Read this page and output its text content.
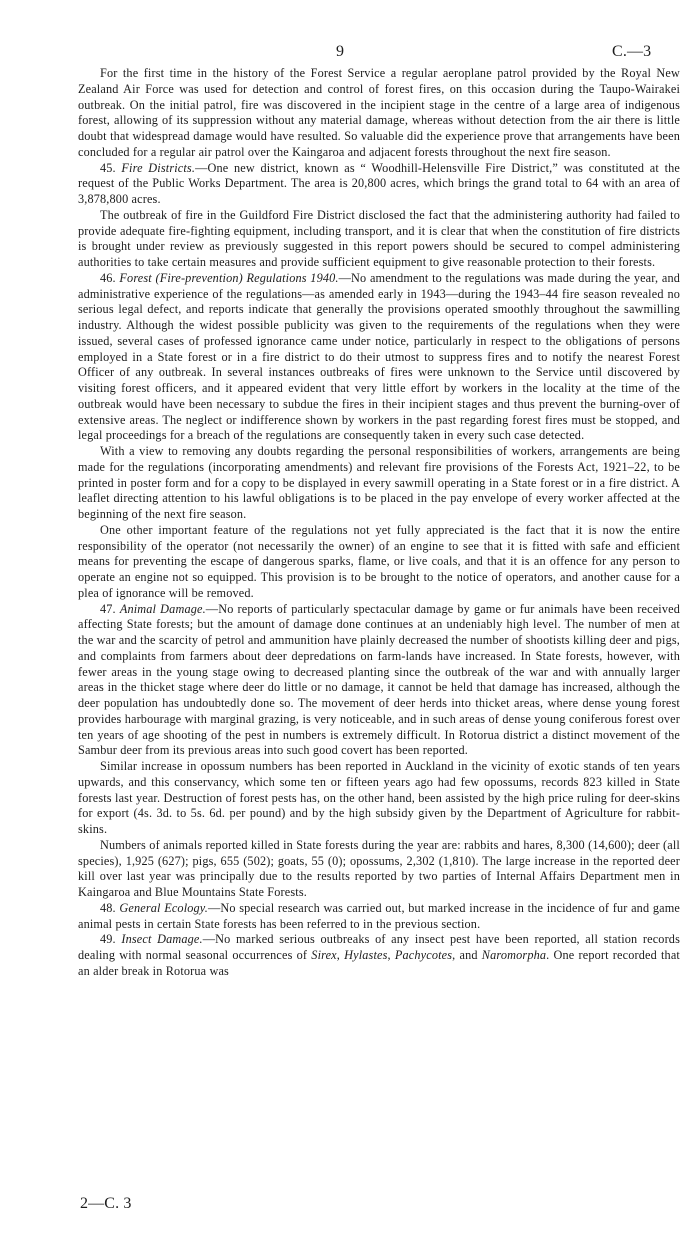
9	C.—3

For the first time in the history of the Forest Service a regular aeroplane patrol provided by the Royal New Zealand Air Force was used for detection and control of forest fires, on this occasion during the Taupo-Wairakei outbreak. On the initial patrol, fire was discovered in the incipient stage in the centre of a large area of indigenous forest, allowing of its suppression without any material damage, whereas without detection from the air there is little doubt that widespread damage would have resulted. So valuable did the experience prove that arrangements have been concluded for a regular air patrol over the Kaingaroa and adjacent forests throughout the next fire season.

45. Fire Districts.—One new district, known as “ Woodhill-Helensville Fire District,” was constituted at the request of the Public Works Department. The area is 20,800 acres, which brings the grand total to 64 with an area of 3,878,800 acres.

The outbreak of fire in the Guildford Fire District disclosed the fact that the administering authority had failed to provide adequate fire-fighting equipment, including transport, and it is clear that when the constitution of fire districts is brought under review as previously suggested in this report powers should be secured to compel administering authorities to take certain measures and provide sufficient equipment to give reasonable protection to their forests.

46. Forest (Fire-prevention) Regulations 1940.—No amendment to the regulations was made during the year, and administrative experience of the regulations—as amended early in 1943—during the 1943–44 fire season revealed no serious legal defect, and reports indicate that generally the provisions operated smoothly throughout the sawmilling industry. Although the widest possible publicity was given to the requirements of the regulations when they were issued, several cases of professed ignorance came under notice, particularly in respect to the obligations of persons employed in a State forest or in a fire district to do their utmost to suppress fires and to notify the nearest Forest Officer of any outbreak. In several instances outbreaks of fires were unknown to the Service until discovered by visiting forest officers, and it appeared evident that very little effort by workers in the locality at the time of the outbreak would have been necessary to subdue the fires in their incipient stages and thus prevent the burning-over of extensive areas. The neglect or indifference shown by workers in the past regarding forest fires must be stopped, and legal proceedings for a breach of the regulations are consequently taken in every such case detected.

With a view to removing any doubts regarding the personal responsibilities of workers, arrangements are being made for the regulations (incorporating amendments) and relevant fire provisions of the Forests Act, 1921–22, to be printed in poster form and for a copy to be displayed in every sawmill operating in a State forest or in a fire district. A leaflet directing attention to his lawful obligations is to be placed in the pay envelope of every worker affected at the beginning of the next fire season.

One other important feature of the regulations not yet fully appreciated is the fact that it is now the entire responsibility of the operator (not necessarily the owner) of an engine to see that it is fitted with safe and efficient means for preventing the escape of dangerous sparks, flame, or live coals, and that it is an offence for any person to operate an engine not so equipped. This provision is to be brought to the notice of operators, and another cause for a plea of ignorance will be removed.

47. Animal Damage.—No reports of particularly spectacular damage by game or fur animals have been received affecting State forests; but the amount of damage done continues at an undeniably high level. The number of men at the war and the scarcity of petrol and ammunition have plainly decreased the number of shootists killing deer and pigs, and complaints from farmers about deer depredations on farm-lands have increased. In State forests, however, with fewer areas in the young stage owing to decreased planting since the outbreak of the war and with annually larger areas in the thicket stage where deer do little or no damage, it cannot be held that damage has increased, although the deer population has undoubtedly done so. The movement of deer herds into thicket areas, where dense young forest provides harbourage with marginal grazing, is very noticeable, and in such areas of dense young coniferous forest over ten years of age shooting of the pest in numbers is extremely difficult. In Rotorua district a distinct movement of the Sambur deer from its previous areas into such good covert has been reported.

Similar increase in opossum numbers has been reported in Auckland in the vicinity of exotic stands of ten years upwards, and this conservancy, which some ten or fifteen years ago had few opossums, records 823 killed in State forests last year. Destruction of forest pests has, on the other hand, been assisted by the high price ruling for deer-skins for export (4s. 3d. to 5s. 6d. per pound) and by the high subsidy given by the Department of Agriculture for rabbit-skins.

Numbers of animals reported killed in State forests during the year are: rabbits and hares, 8,300 (14,600); deer (all species), 1,925 (627); pigs, 655 (502); goats, 55 (0); opossums, 2,302 (1,810). The large increase in the reported deer kill over last year was principally due to the results reported by two parties of Internal Affairs Department men in Kaingaroa and Blue Mountains State Forests.

48. General Ecology.—No special research was carried out, but marked increase in the incidence of fur and game animal pests in certain State forests has been referred to in the previous section.

49. Insect Damage.—No marked serious outbreaks of any insect pest have been reported, all station records dealing with normal seasonal occurrences of Sirex, Hylastes, Pachycotes, and Naromorpha. One report recorded that an alder break in Rotorua was

2—C. 3
